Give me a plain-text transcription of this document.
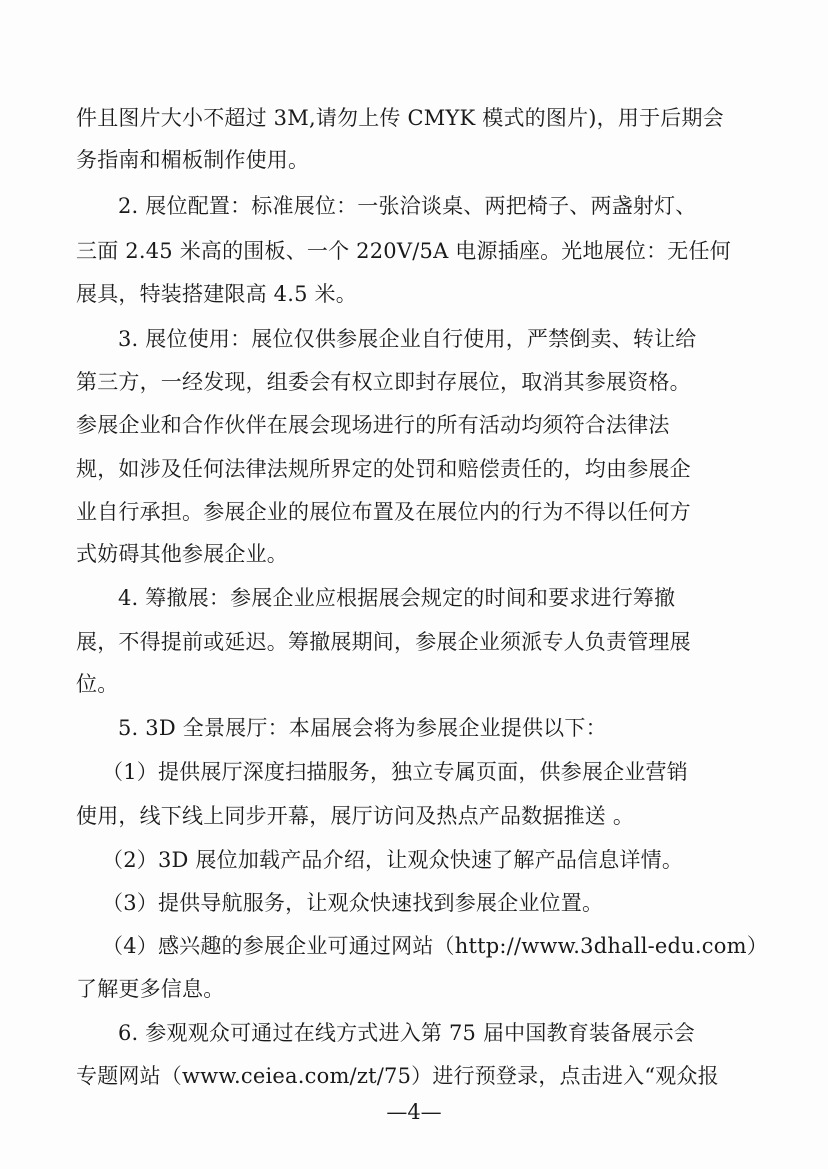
件且图片大小不超过 3M,请勿上传 CMYK 模式的图片)，用于后期会
务指南和楣板制作使用。
2. 展位配置：标准展位：一张洽谈桌、两把椅子、两盏射灯、
三面 2.45 米高的围板、一个 220V/5A 电源插座。光地展位：无任何
展具，特装搭建限高 4.5 米。
3. 展位使用：展位仅供参展企业自行使用，严禁倒卖、转让给
第三方，一经发现，组委会有权立即封存展位，取消其参展资格。
参展企业和合作伙伴在展会现场进行的所有活动均须符合法律法
规，如涉及任何法律法规所界定的处罚和赔偿责任的，均由参展企
业自行承担。参展企业的展位布置及在展位内的行为不得以任何方
式妨碍其他参展企业。
4. 筹撤展：参展企业应根据展会规定的时间和要求进行筹撤
展，不得提前或延迟。筹撤展期间，参展企业须派专人负责管理展
位。
5. 3D 全景展厅：本届展会将为参展企业提供以下：
（1）提供展厅深度扫描服务，独立专属页面，供参展企业营销
使用，线下线上同步开幕，展厅访问及热点产品数据推送 。
（2）3D 展位加载产品介绍，让观众快速了解产品信息详情。
（3）提供导航服务，让观众快速找到参展企业位置。
（4）感兴趣的参展企业可通过网站（http://www.3dhall-edu.com）
了解更多信息。
6. 参观观众可通过在线方式进入第 75 届中国教育装备展示会
专题网站（www.ceiea.com/zt/75）进行预登录，点击进入“观众报
—4—
